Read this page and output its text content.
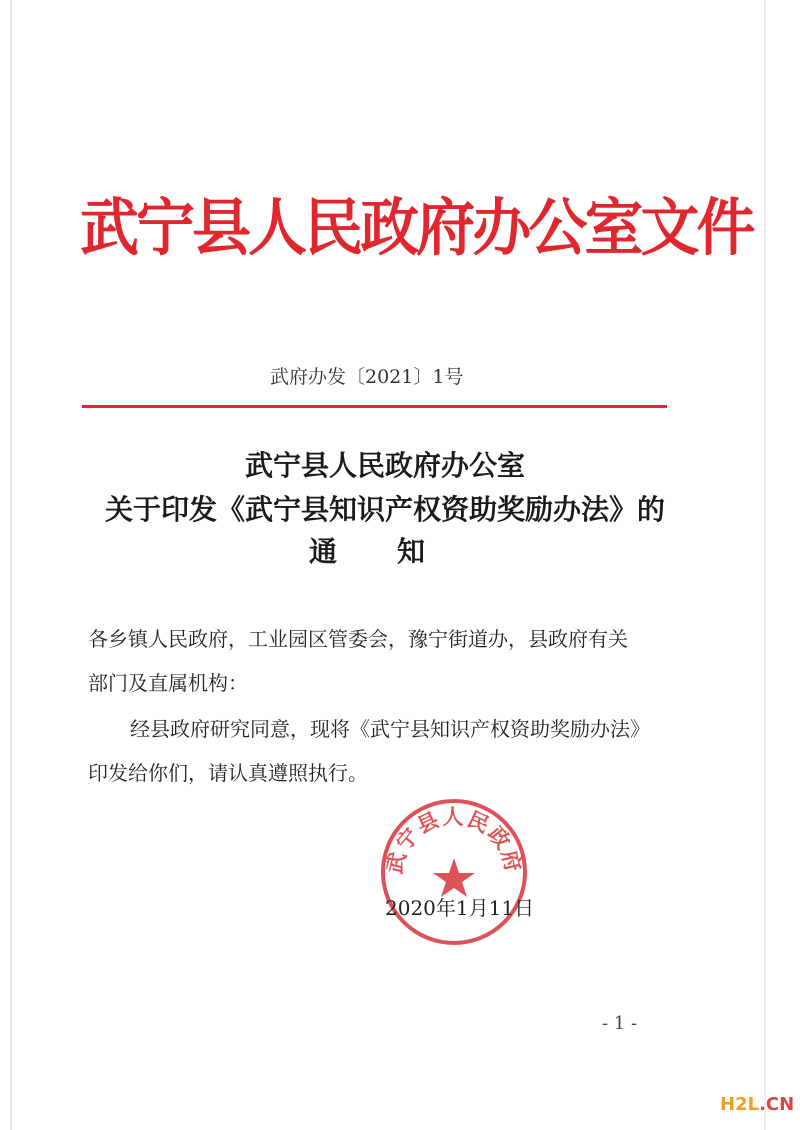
武宁县人民政府办公室文件
武府办发〔2021〕1号
武宁县人民政府办公室
关于印发《武宁县知识产权资助奖励办法》的
通知
各乡镇人民政府，工业园区管委会，豫宁街道办，县政府有关
部门及直属机构：
经县政府研究同意，现将《武宁县知识产权资助奖励办法》
印发给你们，请认真遵照执行。
武宁县人民政府
2020年1月11日
- 1 -
H2L.CN
